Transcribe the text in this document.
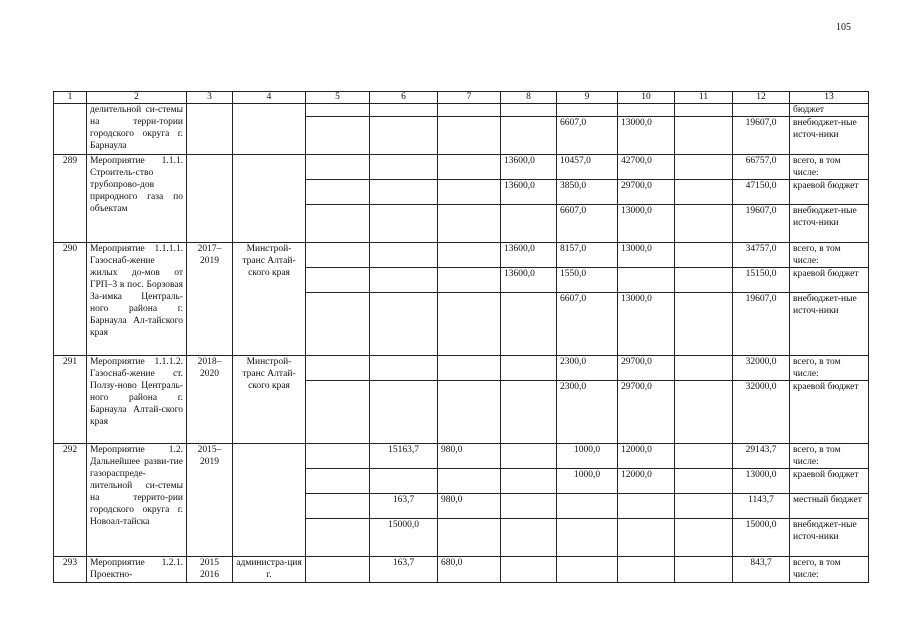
105
1	2	3	4	5	6	7	8	9	10	11	12	13
	делительной си-стемы на терри-тории городского округа г. Барнаула											бюджет
								6607,0	13000,0		19607,0	внебюджет-ные источ-ники
289	Мероприятие 1.1.1. Строитель-ство трубопрово-дов природного газа по объектам						13600,0	10457,0	42700,0		66757,0	всего, в том числе:
							13600,0	3850,0	29700,0		47150,0	краевой бюджет
								6607,0	13000,0		19607,0	внебюджет-ные источ-ники
290	Мероприятие 1.1.1.1. Газоснаб-жение жилых до-мов от ГРП–3 в пос. Борзовая За-имка Централь-ного района г. Барнаула Ал-тайского края	2017– 2019	Минстрой-транс Алтай-ского края				13600,0	8157,0	13000,0		34757,0	всего, в том числе:
							13600,0	1550,0			15150,0	краевой бюджет
								6607,0	13000,0		19607,0	внебюджет-ные источ-ники
291	Мероприятие 1.1.1.2. Газоснаб-жение ст. Ползу-ново Централь-ного района г. Барнаула Алтай-ского края	2018– 2020	Минстрой-транс Алтай-ского края					2300,0	29700,0		32000,0	всего, в том числе:
								2300,0	29700,0		32000,0	краевой бюджет
292	Мероприятие 1.2. Дальнейшее разви-тие газораспреде-лительной си-стемы на террито-рии городского округа г. Новоал-тайска	2015– 2019			15163,7	980,0		1000,0	12000,0		29143,7	всего, в том числе:
								1000,0	12000,0		13000,0	краевой бюджет
					163,7	980,0					1143,7	местный бюджет
					15000,0						15000,0	внебюджет-ные источ-ники
293	Мероприятие 1.2.1. Проектно-	2015 2016	администра-ция г.		163,7	680,0					843,7	всего, в том числе:
